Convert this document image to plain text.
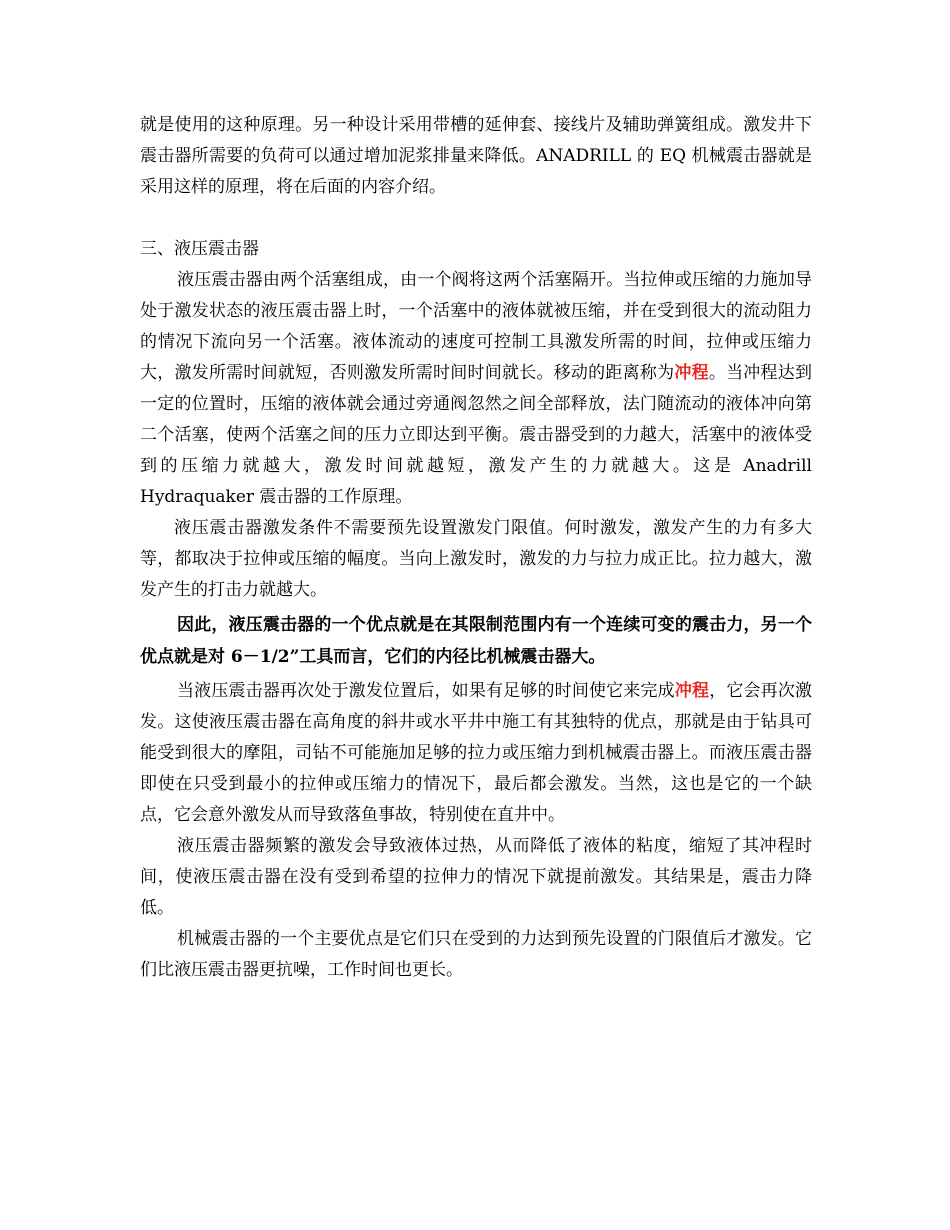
就是使用的这种原理。另一种设计采用带槽的延伸套、接线片及辅助弹簧组成。激发井下震击器所需要的负荷可以通过增加泥浆排量来降低。ANADRILL 的 EQ 机械震击器就是采用这样的原理，将在后面的内容介绍。

三、液压震击器

液压震击器由两个活塞组成，由一个阀将这两个活塞隔开。当拉伸或压缩的力施加导处于激发状态的液压震击器上时，一个活塞中的液体就被压缩，并在受到很大的流动阻力的情况下流向另一个活塞。液体流动的速度可控制工具激发所需的时间，拉伸或压缩力大，激发所需时间就短，否则激发所需时间时间就长。移动的距离称为冲程。当冲程达到一定的位置时，压缩的液体就会通过旁通阀忽然之间全部释放，法门随流动的液体冲向第二个活塞，使两个活塞之间的压力立即达到平衡。震击器受到的力越大，活塞中的液体受到的压缩力就越大，激发时间就越短，激发产生的力就越大。这是 Anadrill Hydraquaker 震击器的工作原理。

液压震击器激发条件不需要预先设置激发门限值。何时激发，激发产生的力有多大等，都取决于拉伸或压缩的幅度。当向上激发时，激发的力与拉力成正比。拉力越大，激发产生的打击力就越大。

因此，液压震击器的一个优点就是在其限制范围内有一个连续可变的震击力，另一个优点就是对 6－1/2”工具而言，它们的内径比机械震击器大。

当液压震击器再次处于激发位置后，如果有足够的时间使它来完成冲程，它会再次激发。这使液压震击器在高角度的斜井或水平井中施工有其独特的优点，那就是由于钻具可能受到很大的摩阻，司钻不可能施加足够的拉力或压缩力到机械震击器上。而液压震击器即使在只受到最小的拉伸或压缩力的情况下，最后都会激发。当然，这也是它的一个缺点，它会意外激发从而导致落鱼事故，特别使在直井中。

液压震击器频繁的激发会导致液体过热，从而降低了液体的粘度，缩短了其冲程时间，使液压震击器在没有受到希望的拉伸力的情况下就提前激发。其结果是，震击力降低。

机械震击器的一个主要优点是它们只在受到的力达到预先设置的门限值后才激发。它们比液压震击器更抗噪，工作时间也更长。
